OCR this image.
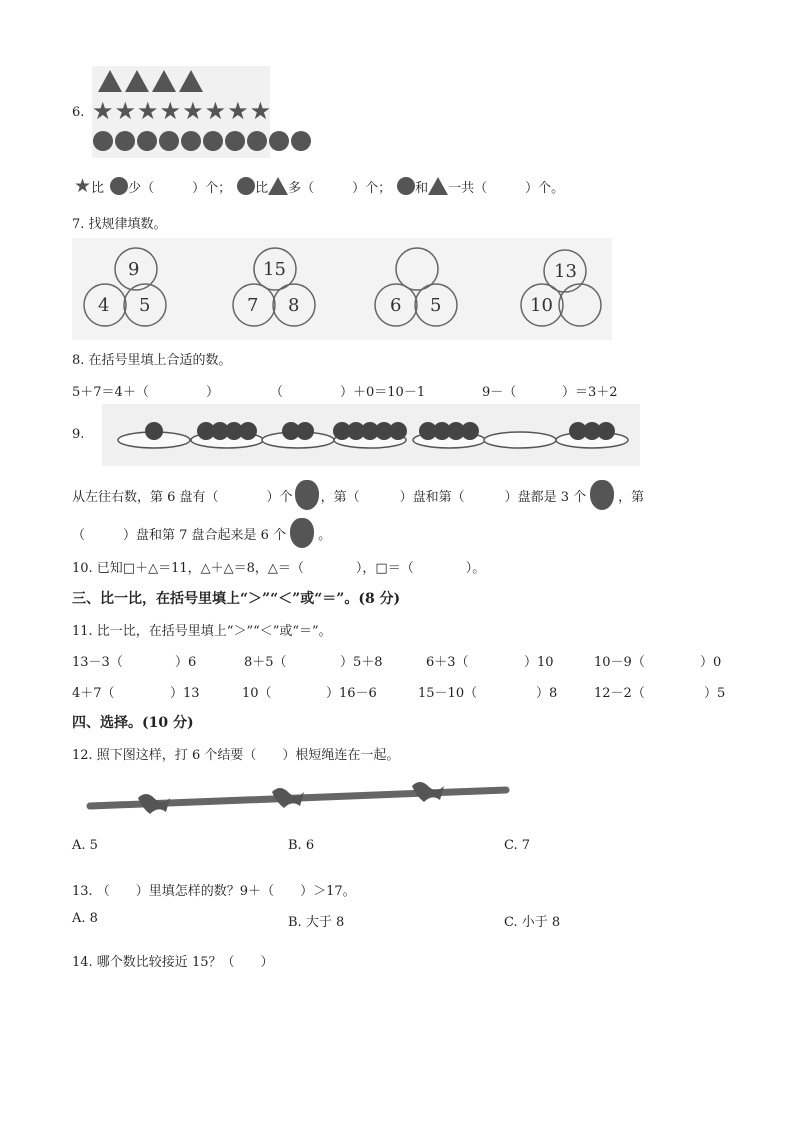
6. ★ ★ ★ ★ ★ ★ ★ ★
★ 比 少（	）个； 比 多（	）个； 和 一共（	）个。
7. 找规律填数。
9
4 5
15
7 8	6 5
13
10
8. 在括号里填上合适的数。
5＋7＝4＋（	）	（	）＋0＝10－1	9－（	）＝3＋2
9.
从左往右数，第 6 盘有（	）个 ，第（	）盘和第（	）盘都是 3 个 ，第
（	）盘和第 7 盘合起来是 6 个 。
10. 已知□＋△＝11，△＋△＝8，△＝（	），□＝（	）。
三、比一比，在括号里填上“＞”“＜”或“＝”。(8 分)
11. 比一比，在括号里填上“＞”“＜”或“＝”。
13－3（	）6	8＋5（	）5＋8	6＋3（	）10	10－9（	）0
4＋7（	）13	10（	）16－6	15－10（	）8	12－2（	）5
四、选择。(10 分)
12. 照下图这样，打 6 个结要（　　）根短绳连在一起。
A. 5	B. 6	C. 7
13. （　　）里填怎样的数？9＋（　　）＞17。
A. 8	B. 大于 8	C. 小于 8
14. 哪个数比较接近 15？（　　）
